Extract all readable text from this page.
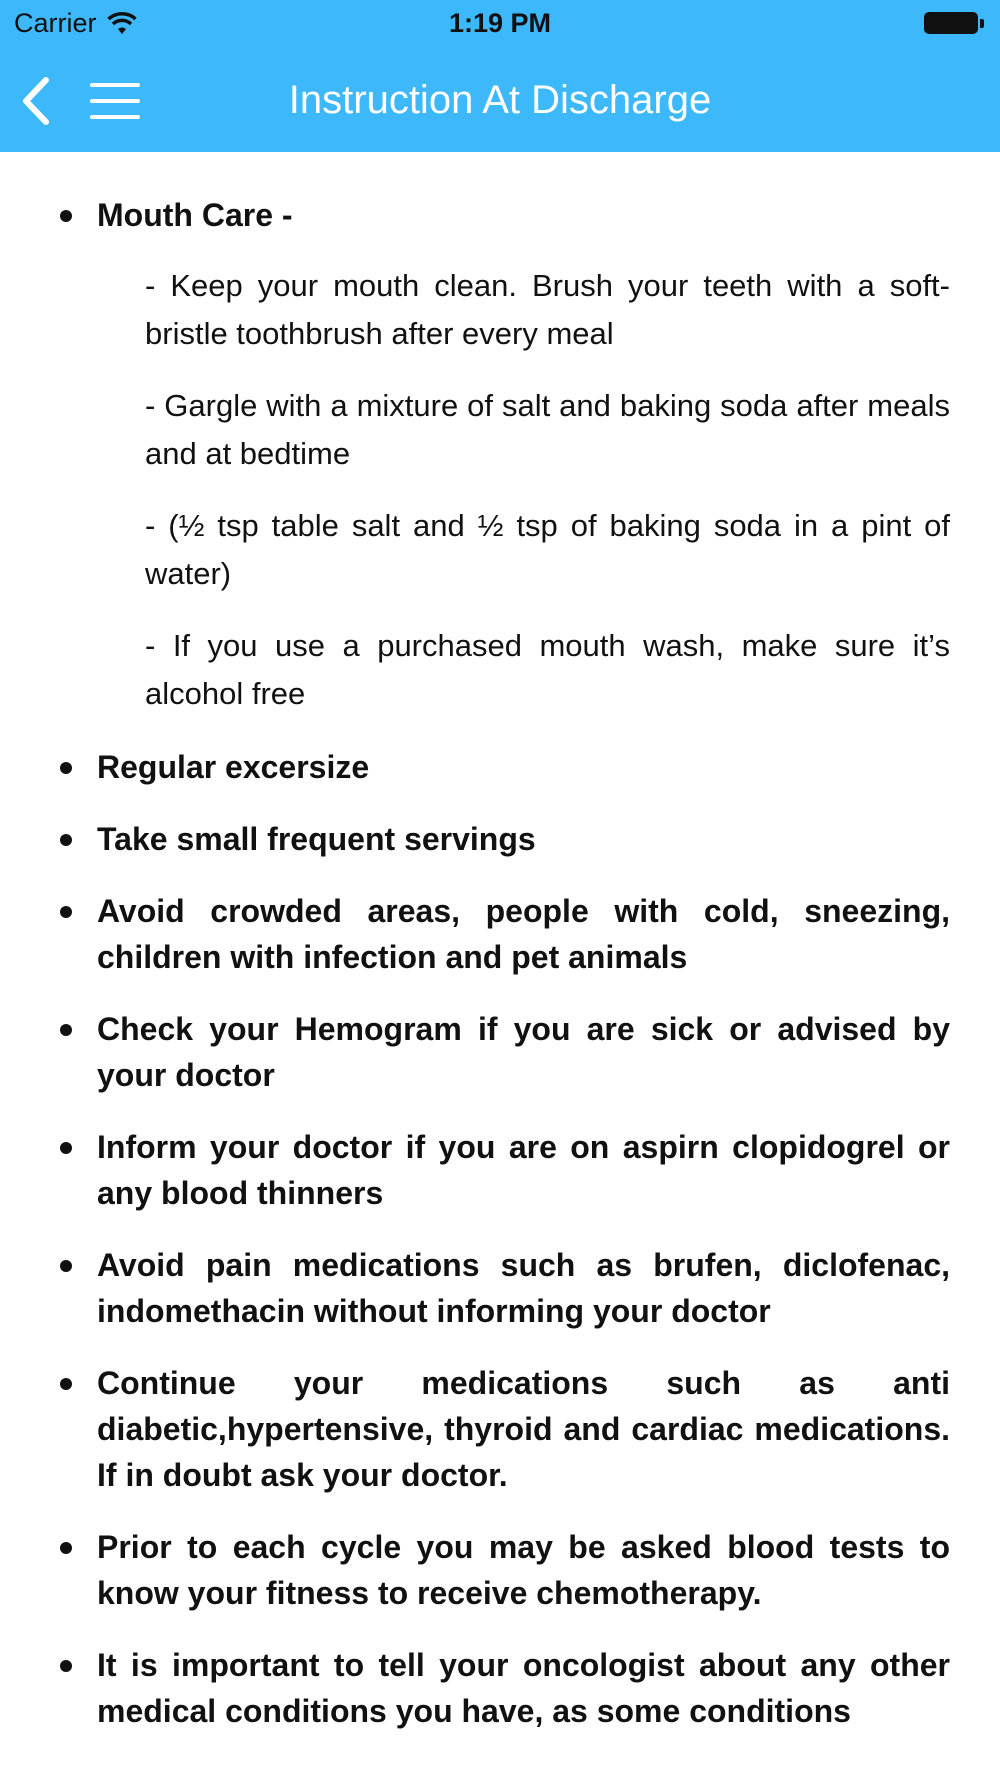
Carrier	1:19 PM
Instruction At Discharge
Mouth Care -

- Keep your mouth clean. Brush your teeth with a soft-bristle toothbrush after every meal

- Gargle with a mixture of salt and baking soda after meals and at bedtime

- (½ tsp table salt and ½ tsp of baking soda in a pint of water)

- If you use a purchased mouth wash, make sure it’s alcohol free

Regular excersize
Take small frequent servings
Avoid crowded areas, people with cold, sneezing, children with infection and pet animals
Check your Hemogram if you are sick or advised by your doctor
Inform your doctor if you are on aspirn clopidogrel or any blood thinners
Avoid pain medications such as brufen, diclofenac, indomethacin without informing your doctor
Continue your medications such as anti diabetic,hypertensive, thyroid and cardiac medications. If in doubt ask your doctor.
Prior to each cycle you may be asked blood tests to know your fitness to receive chemotherapy.
It is important to tell your oncologist about any other medical conditions you have, as some conditions
